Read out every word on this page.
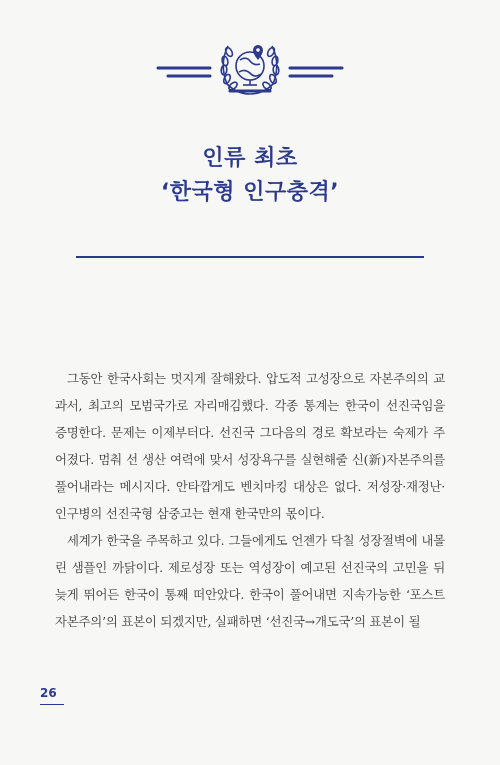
인류 최초
‘한국형 인구충격’

그동안 한국사회는 멋지게 잘해왔다. 압도적 고성장으로 자본주의의 교과서, 최고의 모범국가로 자리매김했다. 각종 통계는 한국이 선진국임을 증명한다. 문제는 이제부터다. 선진국 그다음의 경로 확보라는 숙제가 주어졌다. 멈춰 선 생산 여력에 맞서 성장욕구를 실현해줄 신(新)자본주의를 풀어내라는 메시지다. 안타깝게도 벤치마킹 대상은 없다. 저성장·재정난·인구병의 선진국형 삼중고는 현재 한국만의 몫이다.

세계가 한국을 주목하고 있다. 그들에게도 언젠가 닥칠 성장절벽에 내몰린 샘플인 까닭이다. 제로성장 또는 역성장이 예고된 선진국의 고민을 뒤늦게 뛰어든 한국이 통째 떠안았다. 한국이 풀어내면 지속가능한 ‘포스트 자본주의’의 표본이 되겠지만, 실패하면 ‘선진국→개도국’의 표본이 될

26
